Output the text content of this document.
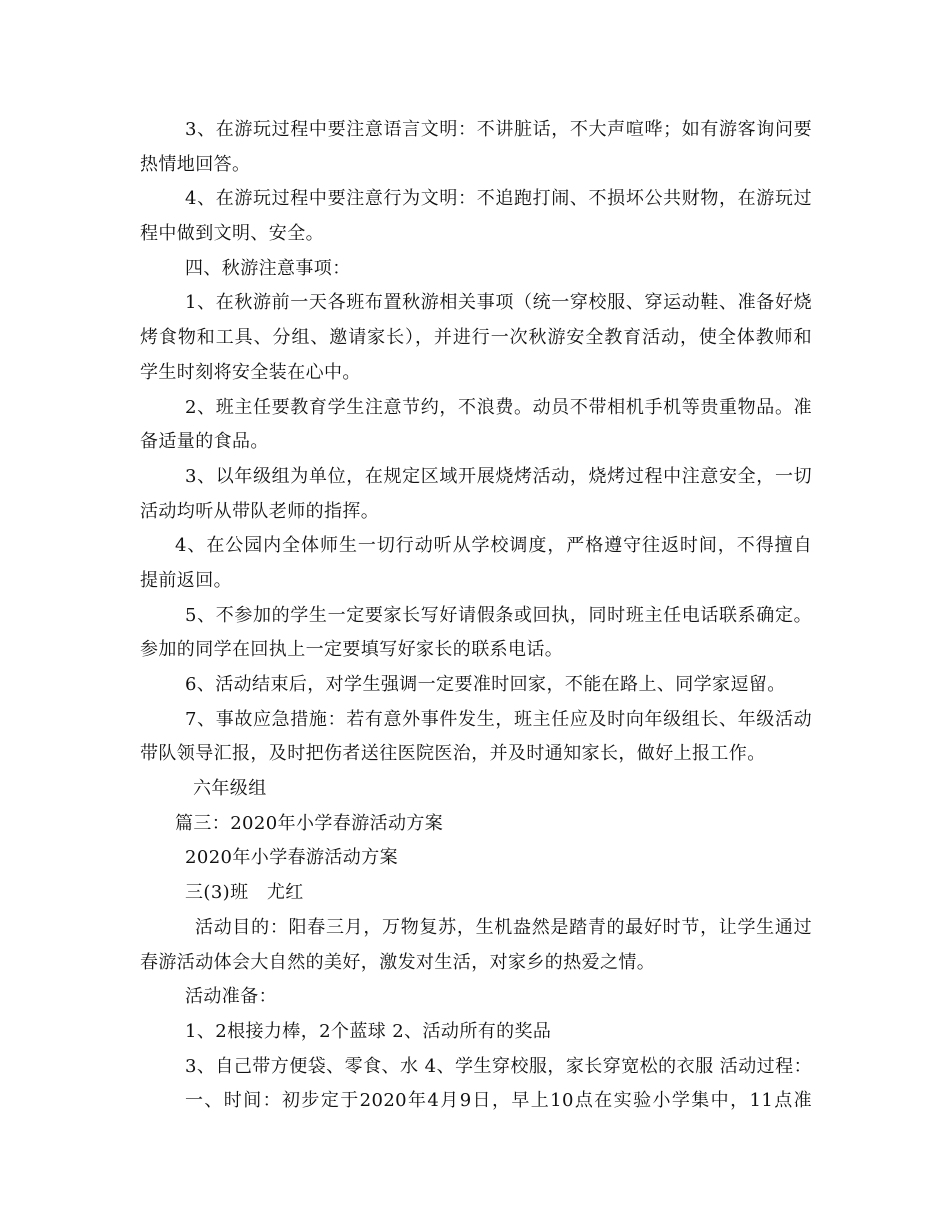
3、在游玩过程中要注意语言文明：不讲脏话，不大声喧哗；如有游客询问要
热情地回答。
4、在游玩过程中要注意行为文明：不追跑打闹、不损坏公共财物，在游玩过
程中做到文明、安全。
四、秋游注意事项：
1、在秋游前一天各班布置秋游相关事项（统一穿校服、穿运动鞋、准备好烧
烤食物和工具、分组、邀请家长），并进行一次秋游安全教育活动，使全体教师和
学生时刻将安全装在心中。
2、班主任要教育学生注意节约，不浪费。动员不带相机手机等贵重物品。准
备适量的食品。
3、以年级组为单位，在规定区域开展烧烤活动，烧烤过程中注意安全，一切
活动均听从带队老师的指挥。
4、在公园内全体师生一切行动听从学校调度，严格遵守往返时间，不得擅自
提前返回。
5、不参加的学生一定要家长写好请假条或回执，同时班主任电话联系确定。
参加的同学在回执上一定要填写好家长的联系电话。
6、活动结束后，对学生强调一定要准时回家，不能在路上、同学家逗留。
7、事故应急措施：若有意外事件发生，班主任应及时向年级组长、年级活动
带队领导汇报，及时把伤者送往医院医治，并及时通知家长，做好上报工作。
六年级组
篇三：2020年小学春游活动方案
2020年小学春游活动方案
三(3)班　尤红
活动目的：阳春三月，万物复苏，生机盎然是踏青的最好时节，让学生通过
春游活动体会大自然的美好，激发对生活，对家乡的热爱之情。
活动准备：
1、2根接力棒，2个蓝球 2、活动所有的奖品
3、自己带方便袋、零食、水 4、学生穿校服，家长穿宽松的衣服 活动过程：
一、时间：初步定于2020年4月9日，早上10点在实验小学集中，11点准
